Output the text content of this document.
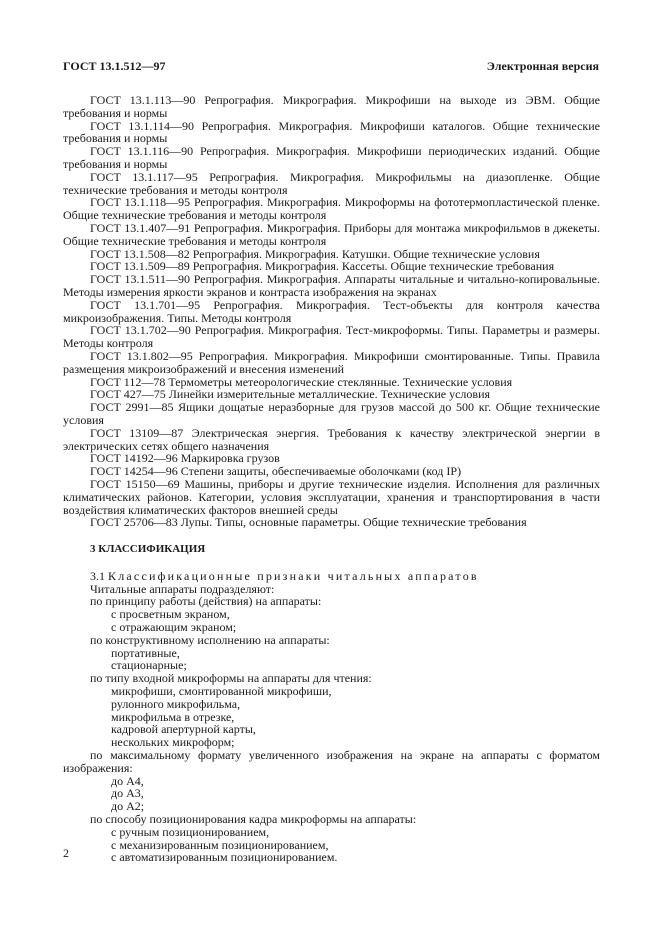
ГОСТ 13.1.512—97	Электронная версия

ГОСТ 13.1.113—90 Репрография. Микрография. Микрофиши на выходе из ЭВМ. Общие требования и нормы

ГОСТ 13.1.114—90 Репрография. Микрография. Микрофиши каталогов. Общие технические требования и нормы

ГОСТ 13.1.116—90 Репрография. Микрография. Микрофиши периодических изданий. Общие требования и нормы

ГОСТ 13.1.117—95 Репрография. Микрография. Микрофильмы на диазопленке. Общие технические требования и методы контроля

ГОСТ 13.1.118—95 Репрография. Микрография. Микроформы на фототермопластической пленке. Общие технические требования и методы контроля

ГОСТ 13.1.407—91 Репрография. Микрография. Приборы для монтажа микрофильмов в джекеты. Общие технические требования и методы контроля

ГОСТ 13.1.508—82 Репрография. Микрография. Катушки. Общие технические условия

ГОСТ 13.1.509—89 Репрография. Микрография. Кассеты. Общие технические требования

ГОСТ 13.1.511—90 Репрография. Микрография. Аппараты читальные и читально-копировальные. Методы измерения яркости экранов и контраста изображения на экранах

ГОСТ 13.1.701—95 Репрография. Микрография. Тест-объекты для контроля качества микроизображения. Типы. Методы контроля

ГОСТ 13.1.702—90 Репрография. Микрография. Тест-микроформы. Типы. Параметры и размеры. Методы контроля

ГОСТ 13.1.802—95 Репрография. Микрография. Микрофиши смонтированные. Типы. Правила размещения микроизображений и внесения изменений

ГОСТ 112—78 Термометры метеорологические стеклянные. Технические условия

ГОСТ 427—75 Линейки измерительные металлические. Технические условия

ГОСТ 2991—85 Ящики дощатые неразборные для грузов массой до 500 кг. Общие технические условия

ГОСТ 13109—87 Электрическая энергия. Требования к качеству электрической энергии в электрических сетях общего назначения

ГОСТ 14192—96 Маркировка грузов

ГОСТ 14254—96 Степени защиты, обеспечиваемые оболочками (код IP)

ГОСТ 15150—69 Машины, приборы и другие технические изделия. Исполнения для различных климатических районов. Категории, условия эксплуатации, хранения и транспортирования в части воздействия климатических факторов внешней среды

ГОСТ 25706—83 Лупы. Типы, основные параметры. Общие технические требования

3 КЛАССИФИКАЦИЯ

3.1 Классификационные признаки читальных аппаратов

Читальные аппараты подразделяют:

по принципу работы (действия) на аппараты:

с просветным экраном,

с отражающим экраном;

по конструктивному исполнению на аппараты:

портативные,

стационарные;

по типу входной микроформы на аппараты для чтения:

микрофиши, смонтированной микрофиши,

рулонного микрофильма,

микрофильма в отрезке,

кадровой апертурной карты,

нескольких микроформ;

по максимальному формату увеличенного изображения на экране на аппараты с форматом изображения:

до А4,

до А3,

до А2;

по способу позиционирования кадра микроформы на аппараты:

с ручным позиционированием,

с механизированным позиционированием,

с автоматизированным позиционированием.

2
